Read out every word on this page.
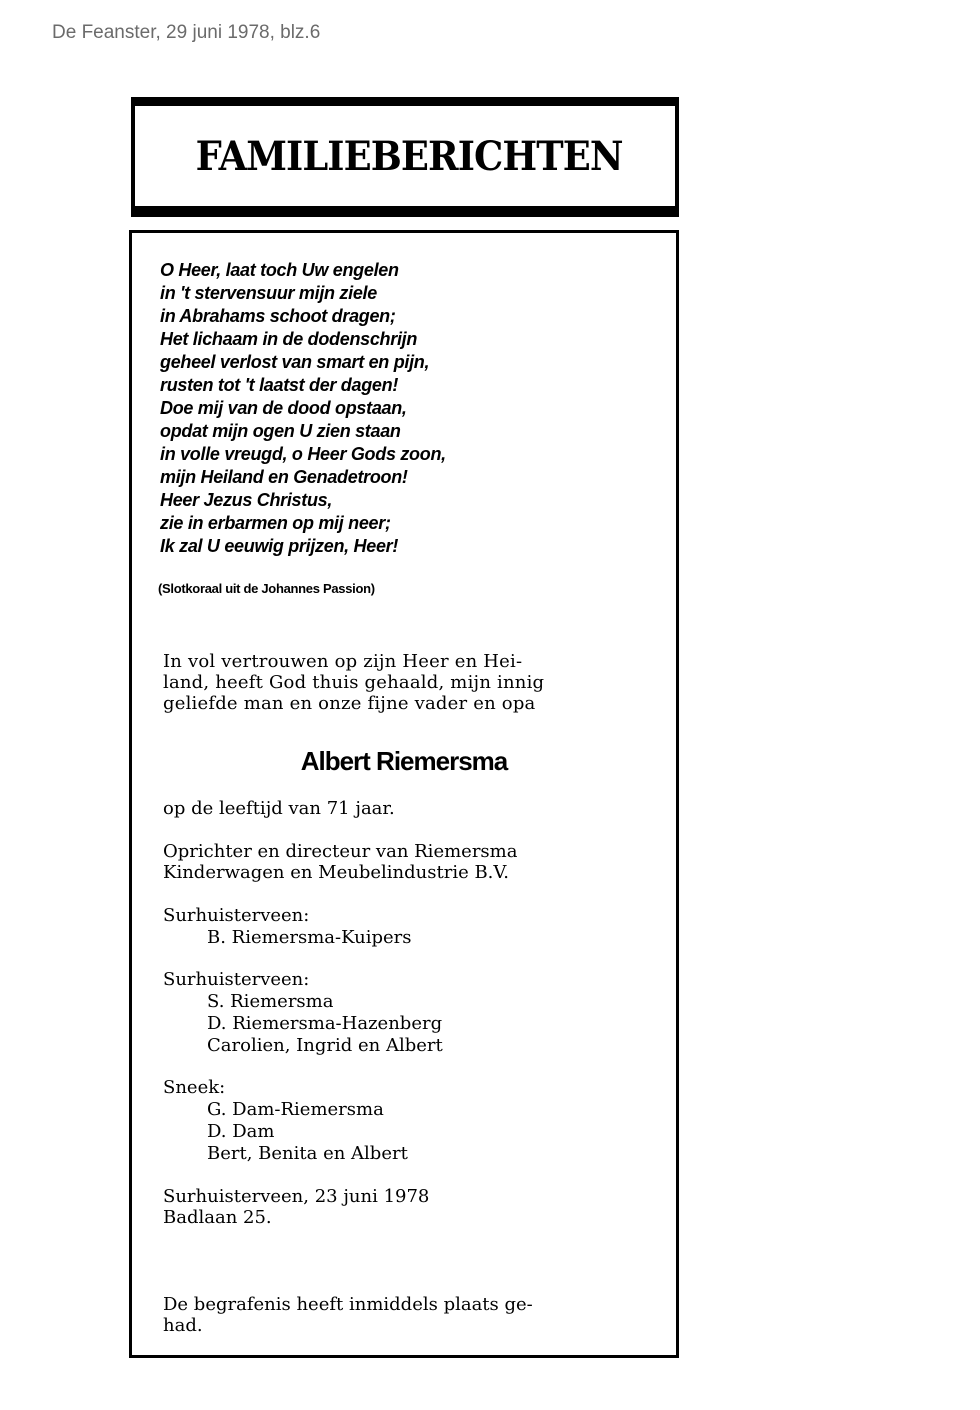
De Feanster, 29 juni 1978, blz.6
FAMILIEBERICHTEN
O Heer, laat toch Uw engelen
in 't stervensuur mijn ziele
in Abrahams schoot dragen;
Het lichaam in de dodenschrijn
geheel verlost van smart en pijn,
rusten tot 't laatst der dagen!
Doe mij van de dood opstaan,
opdat mijn ogen U zien staan
in volle vreugd, o Heer Gods zoon,
mijn Heiland en Genadetroon!
Heer Jezus Christus,
zie in erbarmen op mij neer;
Ik zal U eeuwig prijzen, Heer!
(Slotkoraal uit de Johannes Passion)
In vol vertrouwen op zijn Heer en Hei-
land, heeft God thuis gehaald, mijn innig
geliefde man en onze fijne vader en opa
Albert Riemersma
op de leeftijd van 71 jaar.
Oprichter en directeur van Riemersma
Kinderwagen en Meubelindustrie B.V.
Surhuisterveen:
B. Riemersma-Kuipers
Surhuisterveen:
S. Riemersma
D. Riemersma-Hazenberg
Carolien, Ingrid en Albert
Sneek:
G. Dam-Riemersma
D. Dam
Bert, Benita en Albert
Surhuisterveen, 23 juni 1978
Badlaan 25.
De begrafenis heeft inmiddels plaats ge-
had.
